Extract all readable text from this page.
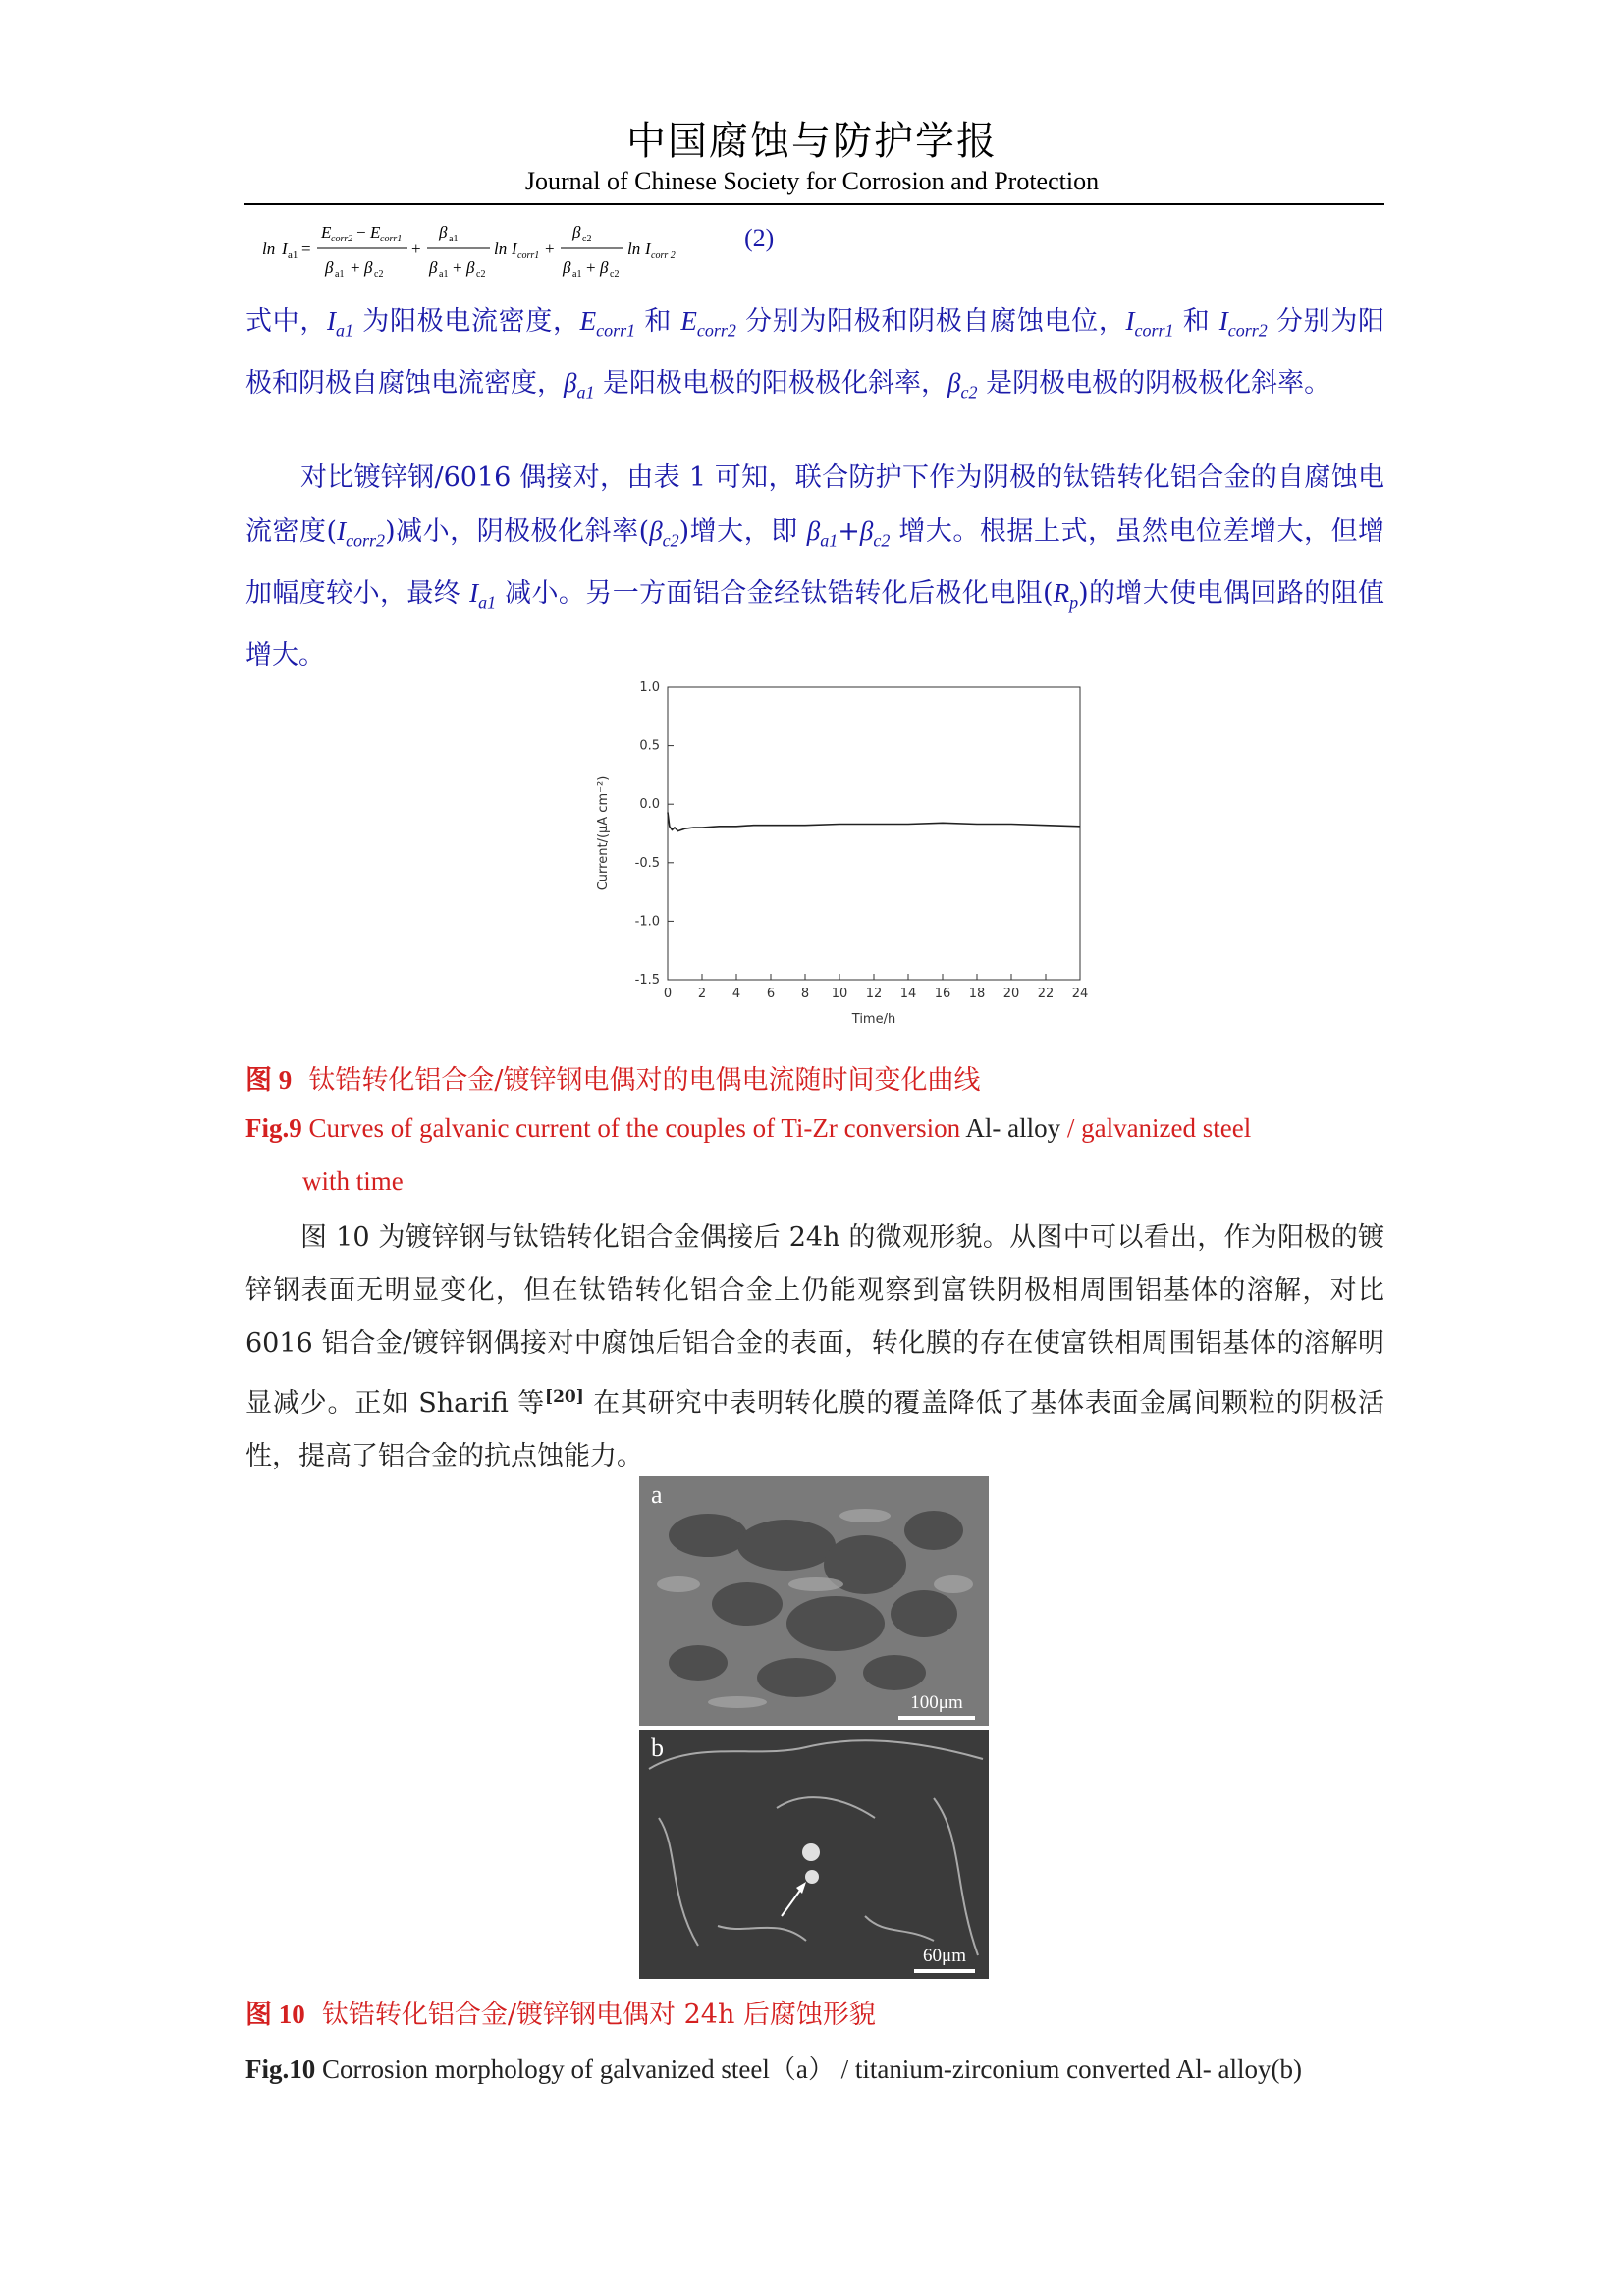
中国腐蚀与防护学报
Journal of Chinese Society for Corrosion and Protection
ln I a1 =
E corr2 − E corr1
β a1 + β c2
+
β a1
β a1 + β c2
ln I corr1 +
β c2
β a1 + β c2
ln I corr 2
(2)
式中，$I_{a1}$ 为阳极电流密度，$E_{corr1}$ 和 $E_{corr2}$ 分别为阳极和阴极自腐蚀电位，$I_{corr1}$ 和 $I_{corr2}$ 分别为阳极和阴极自腐蚀电流密度，$\beta_{a1}$ 是阳极电极的阳极极化斜率，$\beta_{c2}$ 是阴极电极的阴极极化斜率。
对比镀锌钢/6016 偶接对，由表 1 可知，联合防护下作为阴极的钛锆转化铝合金的自腐蚀电流密度$(I_{corr2})$减小，阴极极化斜率$(\beta_{c2})$增大，即 $\beta_{a1}+\beta_{c2}$ 增大。根据上式，虽然电位差增大，但增加幅度较小，最终 $I_{a1}$ 减小。另一方面铝合金经钛锆转化后极化电阻$(R_p)$的增大使电偶回路的阻值增大。
-1.5
-1.0
-0.5
0.0
0.5
1.0
0 2 4 6 8 10 12 14 16 18 20 22 24
Time/h
Current/(μA cm⁻²)
图 9 钛锆转化铝合金/镀锌钢电偶对的电偶电流随时间变化曲线
Fig.9 Curves of galvanic current of the couples of Ti-Zr conversion Al- alloy / galvanized steel
with time
图 10 为镀锌钢与钛锆转化铝合金偶接后 24h 的微观形貌。从图中可以看出，作为阳极的镀锌钢表面无明显变化，但在钛锆转化铝合金上仍能观察到富铁阴极相周围铝基体的溶解，对比 6016 铝合金/镀锌钢偶接对中腐蚀后铝合金的表面，转化膜的存在使富铁相周围铝基体的溶解明显减少。正如 Sharifi 等[20] 在其研究中表明转化膜的覆盖降低了基体表面金属间颗粒的阴极活性，提高了铝合金的抗点蚀能力。
a
100μm
b
60μm
图 10 钛锆转化铝合金/镀锌钢电偶对 24h 后腐蚀形貌
Fig.10 Corrosion morphology of galvanized steel（a） / titanium-zirconium converted Al- alloy(b)
